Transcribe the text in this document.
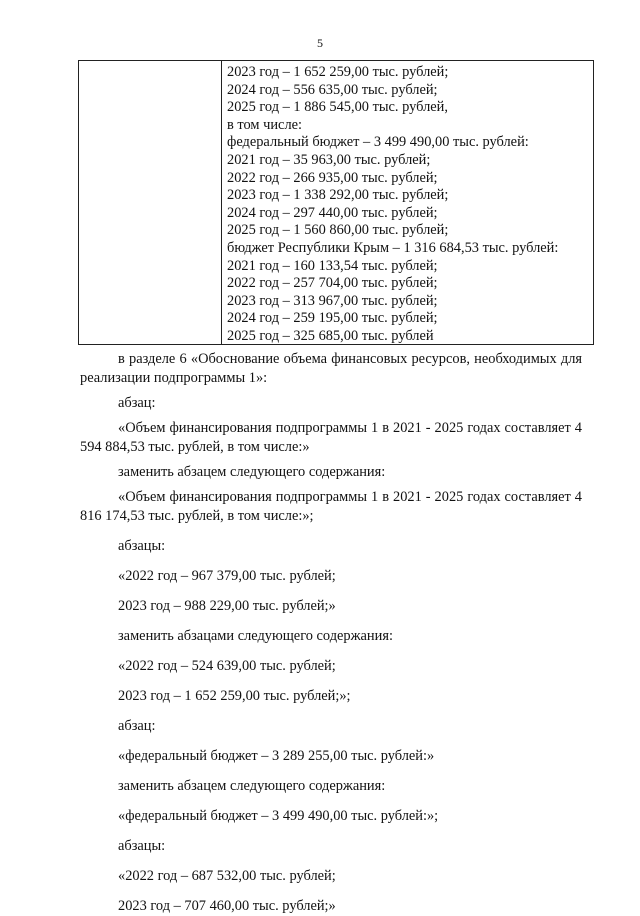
5
2023 год – 1 652 259,00 тыс. рублей;
2024 год – 556 635,00 тыс. рублей;
2025 год – 1 886 545,00 тыс. рублей,
в том числе:
федеральный бюджет – 3 499 490,00 тыс. рублей:
2021 год – 35 963,00 тыс. рублей;
2022 год – 266 935,00 тыс. рублей;
2023 год – 1 338 292,00 тыс. рублей;
2024 год – 297 440,00 тыс. рублей;
2025 год – 1 560 860,00 тыс. рублей;
бюджет Республики Крым – 1 316 684,53 тыс. рублей:
2021 год – 160 133,54 тыс. рублей;
2022 год – 257 704,00 тыс. рублей;
2023 год – 313 967,00 тыс. рублей;
2024 год – 259 195,00 тыс. рублей;
2025 год – 325 685,00 тыс. рублей

в разделе 6 «Обоснование объема финансовых ресурсов, необходимых для реализации подпрограммы 1»:

абзац:

«Объем финансирования подпрограммы 1 в 2021 - 2025 годах составляет 4 594 884,53 тыс. рублей, в том числе:»

заменить абзацем следующего содержания:

«Объем финансирования подпрограммы 1 в 2021 - 2025 годах составляет 4 816 174,53 тыс. рублей, в том числе:»;

абзацы:

«2022 год – 967 379,00 тыс. рублей;

2023 год – 988 229,00 тыс. рублей;»

заменить абзацами следующего содержания:

«2022 год – 524 639,00 тыс. рублей;

2023 год – 1 652 259,00 тыс. рублей;»;

абзац:

«федеральный бюджет – 3 289 255,00 тыс. рублей:»

заменить абзацем следующего содержания:

«федеральный бюджет – 3 499 490,00 тыс. рублей:»;

абзацы:

«2022 год – 687 532,00 тыс. рублей;

2023 год – 707 460,00 тыс. рублей;»
